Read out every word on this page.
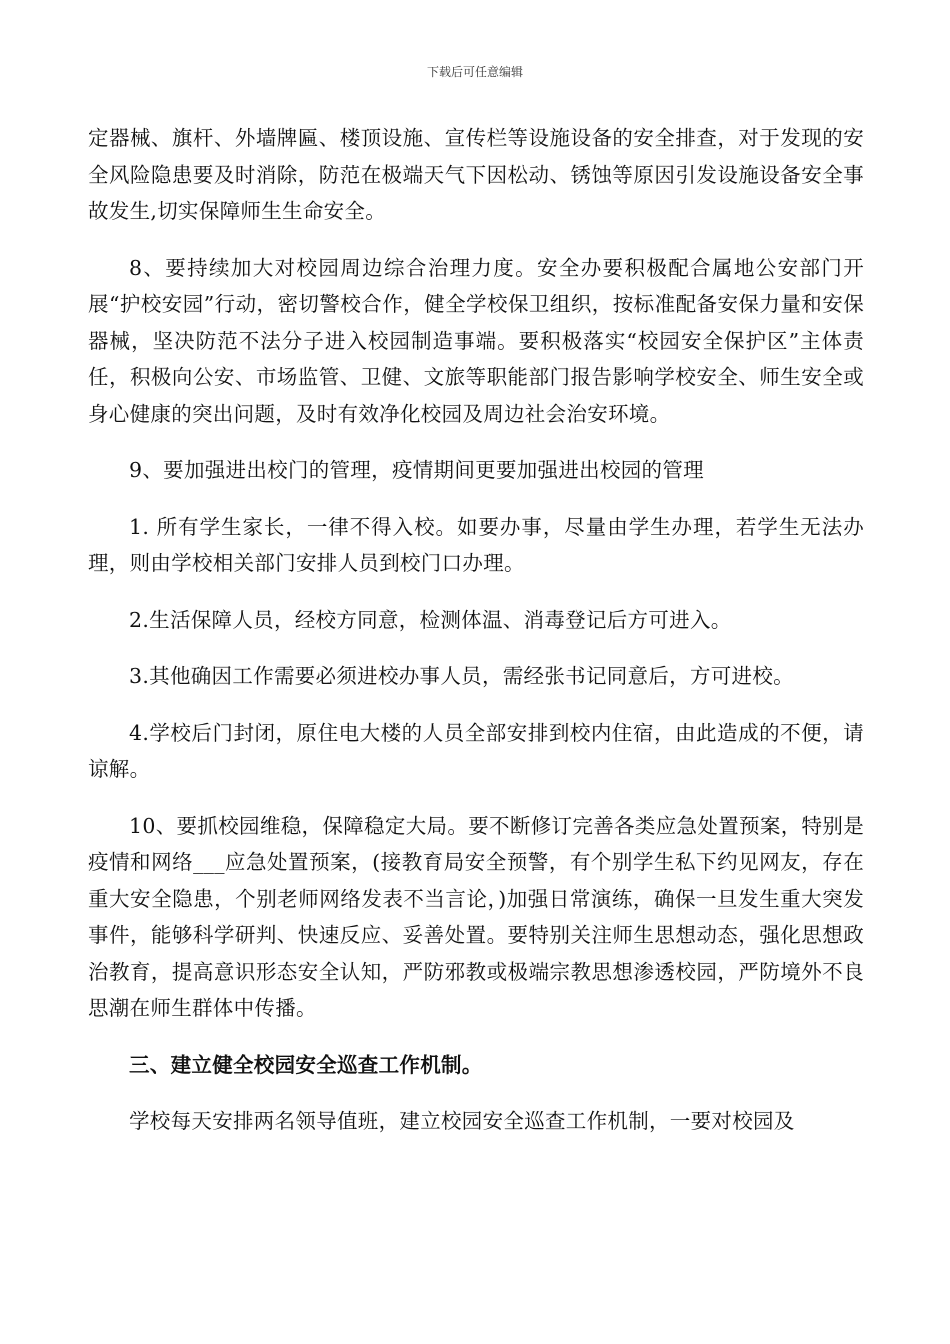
下载后可任意编辑

定器械、旗杆、外墙牌匾、楼顶设施、宣传栏等设施设备的安全排查，对于发现的安全风险隐患要及时消除，防范在极端天气下因松动、锈蚀等原因引发设施设备安全事故发生,切实保障师生生命安全。

8、要持续加大对校园周边综合治理力度。安全办要积极配合属地公安部门开展“护校安园”行动，密切警校合作，健全学校保卫组织，按标准配备安保力量和安保器械，坚决防范不法分子进入校园制造事端。要积极落实“校园安全保护区”主体责任，积极向公安、市场监管、卫健、文旅等职能部门报告影响学校安全、师生安全或身心健康的突出问题，及时有效净化校园及周边社会治安环境。

9、要加强进出校门的管理，疫情期间更要加强进出校园的管理

1. 所有学生家长，一律不得入校。如要办事，尽量由学生办理，若学生无法办理，则由学校相关部门安排人员到校门口办理。

2.生活保障人员，经校方同意，检测体温、消毒登记后方可进入。

3.其他确因工作需要必须进校办事人员，需经张书记同意后，方可进校。

4.学校后门封闭，原住电大楼的人员全部安排到校内住宿，由此造成的不便，请谅解。

10、要抓校园维稳，保障稳定大局。要不断修订完善各类应急处置预案，特别是疫情和网络___应急处置预案，(接教育局安全预警，有个别学生私下约见网友，存在重大安全隐患，个别老师网络发表不当言论，)加强日常演练，确保一旦发生重大突发事件，能够科学研判、快速反应、妥善处置。要特别关注师生思想动态，强化思想政治教育，提高意识形态安全认知，严防邪教或极端宗教思想渗透校园，严防境外不良思潮在师生群体中传播。

三、建立健全校园安全巡查工作机制。

学校每天安排两名领导值班，建立校园安全巡查工作机制，一要对校园及
